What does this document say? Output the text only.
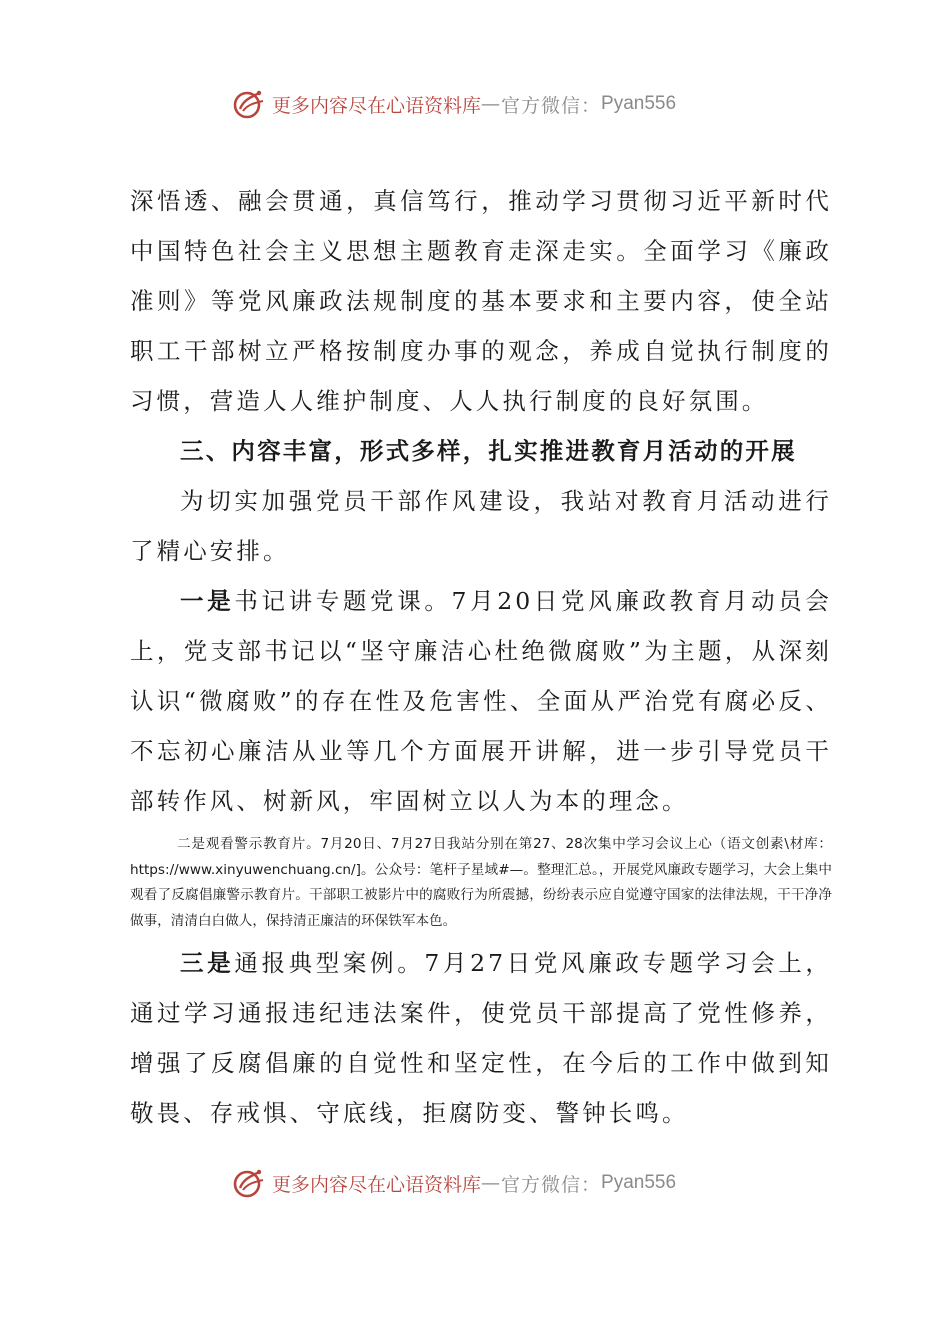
更多内容尽在心语资料库 — 官方微信： Pyan556

深悟透、融会贯通，真信笃行，推动学习贯彻习近平新时代中国特色社会主义思想主题教育走深走实。全面学习《廉政准则》等党风廉政法规制度的基本要求和主要内容，使全站职工干部树立严格按制度办事的观念，养成自觉执行制度的习惯，营造人人维护制度、人人执行制度的良好氛围。

三、内容丰富，形式多样，扎实推进教育月活动的开展

为切实加强党员干部作风建设，我站对教育月活动进行了精心安排。

一是书记讲专题党课。7月20日党风廉政教育月动员会上，党支部书记以“坚守廉洁心杜绝微腐败”为主题，从深刻认识“微腐败”的存在性及危害性、全面从严治党有腐必反、不忘初心廉洁从业等几个方面展开讲解，进一步引导党员干部转作风、树新风，牢固树立以人为本的理念。

二是观看警示教育片。7月20日、7月27日我站分别在第27、28次集中学习会议上心（语文创素\材库：https://www.xinyuwenchuang.cn/]。公众号：笔杆子星域#—。整理汇总。，开展党风廉政专题学习，大会上集中观看了反腐倡廉警示教育片。干部职工被影片中的腐败行为所震撼，纷纷表示应自觉遵守国家的法律法规，干干净净做事，清清白白做人，保持清正廉洁的环保铁军本色。

三是通报典型案例。7月27日党风廉政专题学习会上，通过学习通报违纪违法案件，使党员干部提高了党性修养，增强了反腐倡廉的自觉性和坚定性，在今后的工作中做到知敬畏、存戒惧、守底线，拒腐防变、警钟长鸣。

更多内容尽在心语资料库 — 官方微信： Pyan556
